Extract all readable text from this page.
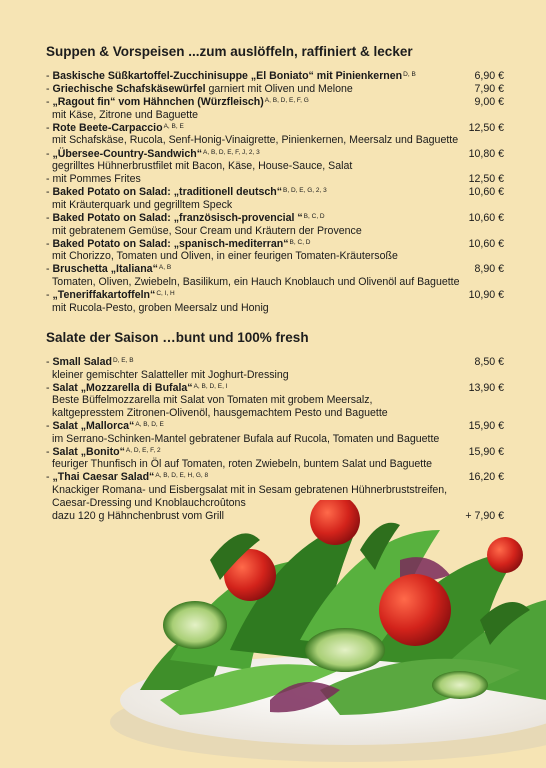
Suppen & Vorspeisen ...zum auslöffeln, raffiniert & lecker
- Baskische Süßkartoffel-Zucchinisuppe „El Boniato“ mit Pinienkernen$^{D, B}$	6,90 €
- Griechische Schafskäsewürfel garniert mit Oliven und Melone	7,90 €
- „Ragout fin“ vom Hähnchen (Würzfleisch)$^{A, B, D, E, F, G}$
mit Käse, Zitrone und Baguette
9,00 €
- Rote Beete-Carpaccio$^{A, B, E}$
mit Schafskäse, Rucola, Senf-Honig-Vinaigrette, Pinienkernen, Meersalz und Baguette
12,50 €
- „Übersee-Country-Sandwich“$^{A, B, D, E, F, J, 2, 3}$
gegrilltes Hühnerbrustfilet mit Bacon, Käse, House-Sauce, Salat
10,80 €
- mit Pommes Frites	12,50 €
- Baked Potato on Salad: „traditionell deutsch“$^{B, D, E, G, 2, 3}$
mit Kräuterquark und gegrilltem Speck
10,60 €
- Baked Potato on Salad: „französisch-provencial “$^{B, C, D}$
mit gebratenem Gemüse, Sour Cream und Kräutern der Provence
10,60 €
- Baked Potato on Salad: „spanisch-mediterran“$^{B, C, D}$
mit Chorizzo, Tomaten und Oliven, in einer feurigen Tomaten-Kräutersoße
10,60 €
- Bruschetta „Italiana“$^{A, B}$
Tomaten, Oliven, Zwiebeln, Basilikum, ein Hauch Knoblauch und Olivenöl auf Baguette
8,90 €
- „Teneriffakartoffeln“$^{C, I, H}$
mit Rucola-Pesto, groben Meersalz und Honig
10,90 €
Salate der Saison …bunt und 100% fresh
- Small Salad$^{D, E, B}$
kleiner gemischter Salatteller mit Joghurt-Dressing
8,50 €
- Salat „Mozzarella di Bufala“$^{A, B, D, E, I}$
Beste Büffelmozzarella mit Salat von Tomaten mit grobem Meersalz,
kaltgepresstem Zitronen-Olivenöl, hausgemachtem Pesto und Baguette
13,90 €
- Salat „Mallorca“$^{A, B, D, E}$
im Serrano-Schinken-Mantel gebratener Bufala auf Rucola, Tomaten und Baguette
15,90 €
- Salat „Bonito“$^{A, D, E, F, 2}$
feuriger Thunfisch in Öl auf Tomaten, roten Zwiebeln, buntem Salat und Baguette
15,90 €
- „Thai Caesar Salad“$^{A, B, D, E, H, G, 8}$
Knackiger Romana- und Eisbergsalat mit in Sesam gebratenen Hühnerbruststreifen,
Caesar-Dressing und Knoblauchcroûtons
16,20 €
dazu 120 g Hähnchenbrust vom Grill	+ 7,90 €
